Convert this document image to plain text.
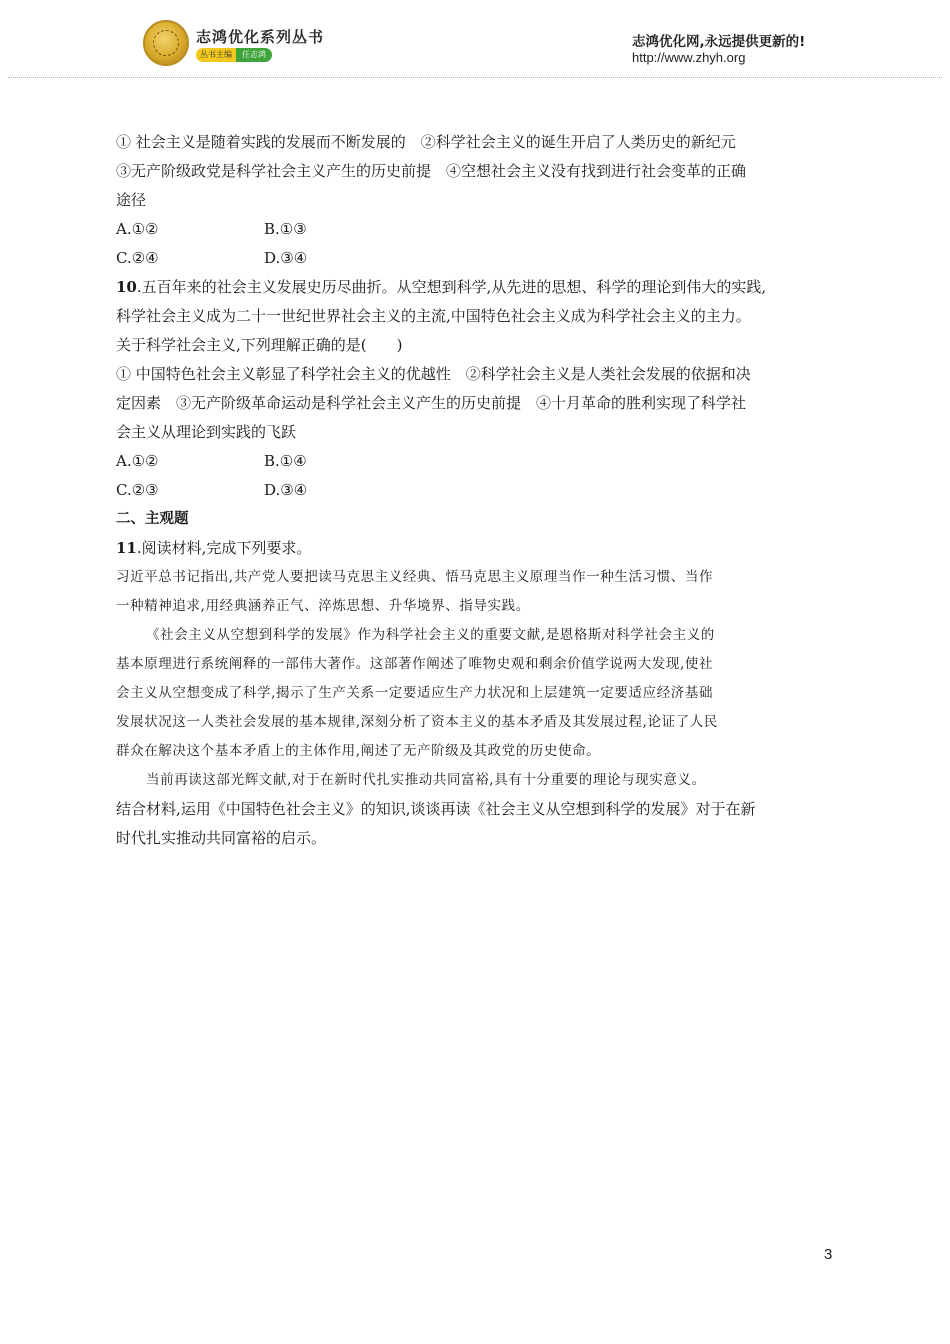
志鸿优化系列丛书
丛书主编	任志鸿
志鸿优化网,永远提供更新的!
http://www.zhyh.org
① 社会主义是随着实践的发展而不断发展的　②科学社会主义的诞生开启了人类历史的新纪元
③无产阶级政党是科学社会主义产生的历史前提　④空想社会主义没有找到进行社会变革的正确
途径
A.①②	B.①③
C.②④	D.③④
10.五百年来的社会主义发展史历尽曲折。从空想到科学,从先进的思想、科学的理论到伟大的实践,
科学社会主义成为二十一世纪世界社会主义的主流,中国特色社会主义成为科学社会主义的主力。
关于科学社会主义,下列理解正确的是(　　)
① 中国特色社会主义彰显了科学社会主义的优越性　②科学社会主义是人类社会发展的依据和决
定因素　③无产阶级革命运动是科学社会主义产生的历史前提　④十月革命的胜利实现了科学社
会主义从理论到实践的飞跃
A.①②	B.①④
C.②③	D.③④
二、主观题
11.阅读材料,完成下列要求。
习近平总书记指出,共产党人要把读马克思主义经典、悟马克思主义原理当作一种生活习惯、当作
一种精神追求,用经典涵养正气、淬炼思想、升华境界、指导实践。
《社会主义从空想到科学的发展》作为科学社会主义的重要文献,是恩格斯对科学社会主义的
基本原理进行系统阐释的一部伟大著作。这部著作阐述了唯物史观和剩余价值学说两大发现,使社
会主义从空想变成了科学,揭示了生产关系一定要适应生产力状况和上层建筑一定要适应经济基础
发展状况这一人类社会发展的基本规律,深刻分析了资本主义的基本矛盾及其发展过程,论证了人民
群众在解决这个基本矛盾上的主体作用,阐述了无产阶级及其政党的历史使命。
当前再读这部光辉文献,对于在新时代扎实推动共同富裕,具有十分重要的理论与现实意义。
结合材料,运用《中国特色社会主义》的知识,谈谈再读《社会主义从空想到科学的发展》对于在新
时代扎实推动共同富裕的启示。
3
